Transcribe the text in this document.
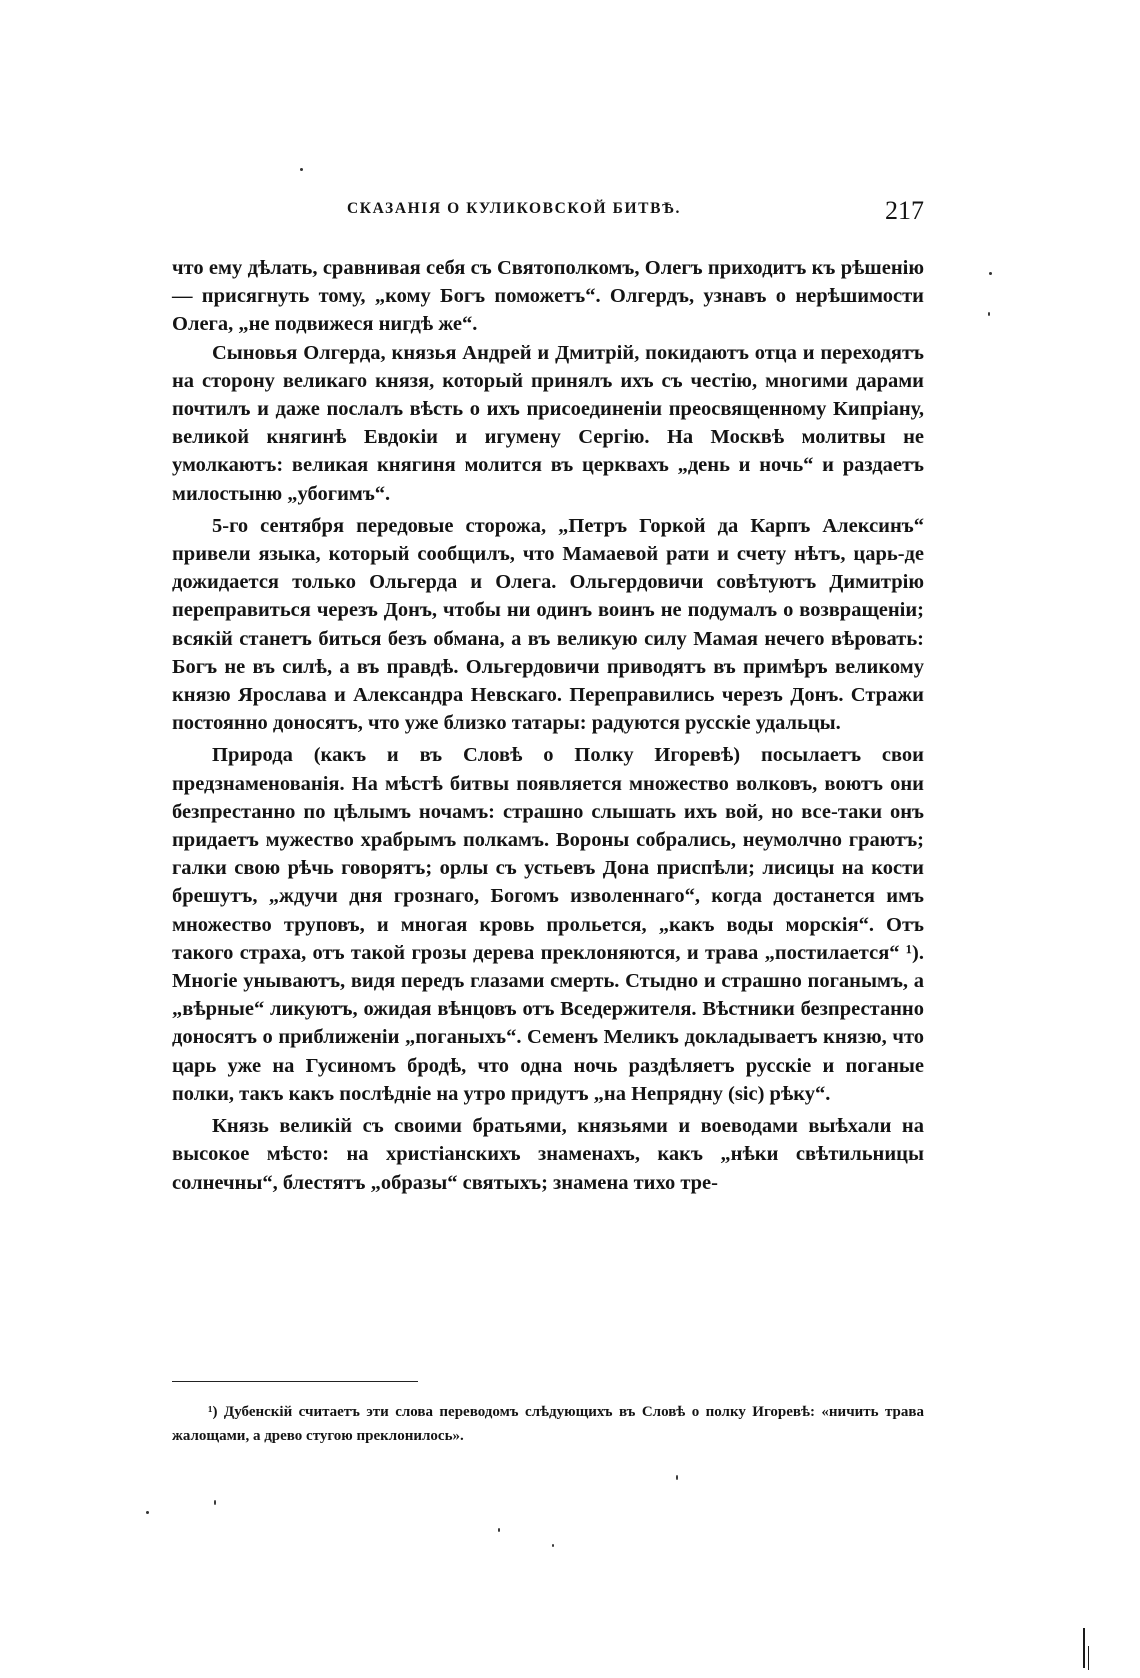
СКАЗАНІЯ О КУЛИКОВСКОЙ БИТВѢ.	217

что ему дѣлать, сравнивая себя съ Святополкомъ, Олегъ приходитъ къ рѣшенію — присягнуть тому, „кому Богъ поможетъ“. Олгердъ, узнавъ о нерѣшимости Олега, „не подвижеся нигдѣ же“.

Сыновья Олгерда, князья Андрей и Дмитрій, покидаютъ отца и переходятъ на сторону великаго князя, который принялъ ихъ съ честію, многими дарами почтилъ и даже послалъ вѣсть о ихъ присоединеніи преосвященному Кипріану, великой княгинѣ Евдокіи и игумену Сергію. На Москвѣ молитвы не умолкаютъ: великая княгиня молится въ церквахъ „день и ночь“ и раздаетъ милостыню „убогимъ“.

5-го сентября передовые сторожа, „Петръ Горкой да Карпъ Алексинъ“ привели языка, который сообщилъ, что Мамаевой рати и счету нѣтъ, царь-де дожидается только Ольгерда и Олега. Ольгердовичи совѣтуютъ Димитрію переправиться черезъ Донъ, чтобы ни одинъ воинъ не подумалъ о возвращеніи; всякій станетъ биться безъ обмана, а въ великую силу Мамая нечего вѣровать: Богъ не въ силѣ, а въ правдѣ. Ольгердовичи приводятъ въ примѣръ великому князю Ярослава и Александра Невскаго. Переправились черезъ Донъ. Стражи постоянно доносятъ, что уже близко татары: радуются русскіе удальцы.

Природа (какъ и въ Словѣ о Полку Игоревѣ) посылаетъ свои предзнаменованія. На мѣстѣ битвы появляется множество волковъ, воютъ они безпрестанно по цѣлымъ ночамъ: страшно слышать ихъ вой, но все-таки онъ придаетъ мужество храбрымъ полкамъ. Вороны собрались, неумолчно граютъ; галки свою рѣчь говорятъ; орлы съ устьевъ Дона приспѣли; лисицы на кости брешутъ, „ждучи дня грознаго, Богомъ изволеннаго“, когда достанется имъ множество труповъ, и многая кровь прольется, „какъ воды морскія“. Отъ такого страха, отъ такой грозы дерева преклоняются, и трава „постилается“ ¹). Многіе унываютъ, видя передъ глазами смерть. Стыдно и страшно поганымъ, а „вѣрные“ ликуютъ, ожидая вѣнцовъ отъ Вседержителя. Вѣстники безпрестанно доносятъ о приближеніи „поганыхъ“. Семенъ Меликъ докладываетъ князю, что царь уже на Гусиномъ бродѣ, что одна ночь раздѣляетъ русскіе и поганые полки, такъ какъ послѣдніе на утро придутъ „на Непрядну (sic) рѣку“.

Князь великій съ своими братьями, князьями и воеводами выѣхали на высокое мѣсто: на христіанскихъ знаменахъ, какъ „нѣки свѣтильницы солнечны“, блестятъ „образы“ святыхъ; знамена тихо тре-

¹) Дубенскій считаетъ эти слова переводомъ слѣдующихъ въ Словѣ о полку Игоревѣ: «ничить трава жалощами, а древо стугою преклонилось».
